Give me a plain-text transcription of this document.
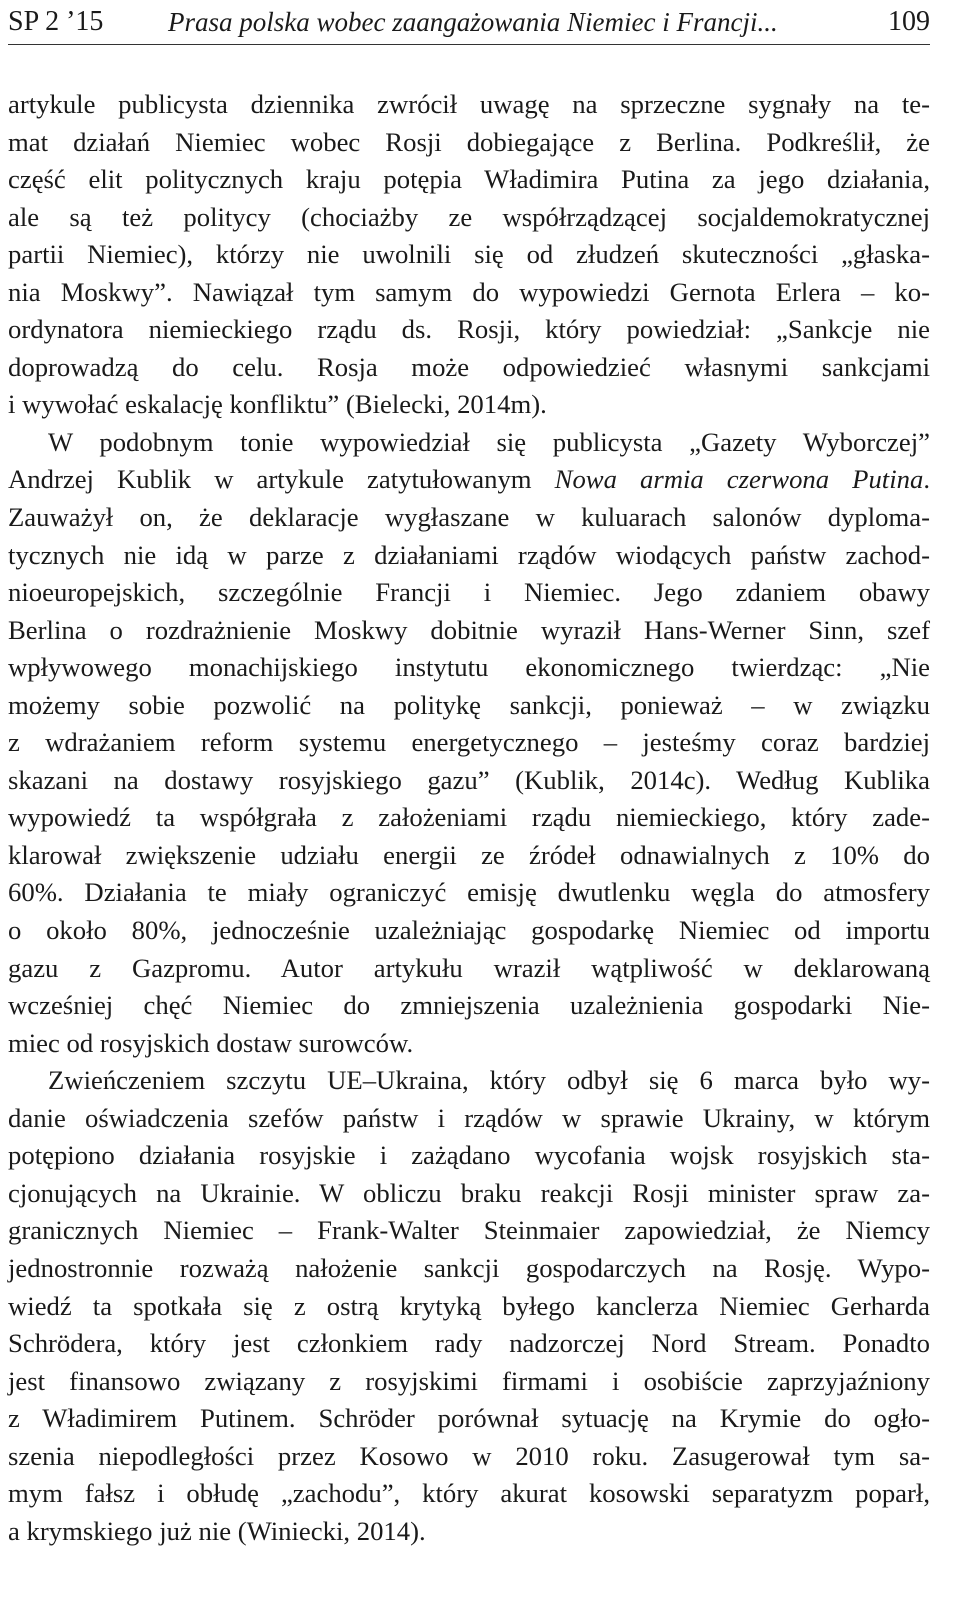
SP 2 ’15 Prasa polska wobec zaangażowania Niemiec i Francji...	109
artykule publicysta dziennika zwrócił uwagę na sprzeczne sygnały na te-
mat działań Niemiec wobec Rosji dobiegające z Berlina. Podkreślił, że
część elit politycznych kraju potępia Władimira Putina za jego działania,
ale są też politycy (chociażby ze współrządzącej socjaldemokratycznej
partii Niemiec), którzy nie uwolnili się od złudzeń skuteczności „głaska-
nia Moskwy”. Nawiązał tym samym do wypowiedzi Gernota Erlera – ko-
ordynatora niemieckiego rządu ds. Rosji, który powiedział: „Sankcje nie
doprowadzą do celu. Rosja może odpowiedzieć własnymi sankcjami
i wywołać eskalację konfliktu” (Bielecki, 2014m).
W podobnym tonie wypowiedział się publicysta „Gazety Wyborczej”
Andrzej Kublik w artykule zatytułowanym Nowa armia czerwona Putina.
Zauważył on, że deklaracje wygłaszane w kuluarach salonów dyploma-
tycznych nie idą w parze z działaniami rządów wiodących państw zachod-
nioeuropejskich, szczególnie Francji i Niemiec. Jego zdaniem obawy
Berlina o rozdrażnienie Moskwy dobitnie wyraził Hans-Werner Sinn, szef
wpływowego monachijskiego instytutu ekonomicznego twierdząc: „Nie
możemy sobie pozwolić na politykę sankcji, ponieważ – w związku
z wdrażaniem reform systemu energetycznego – jesteśmy coraz bardziej
skazani na dostawy rosyjskiego gazu” (Kublik, 2014c). Według Kublika
wypowiedź ta współgrała z założeniami rządu niemieckiego, który zade-
klarował zwiększenie udziału energii ze źródeł odnawialnych z 10% do
60%. Działania te miały ograniczyć emisję dwutlenku węgla do atmosfery
o około 80%, jednocześnie uzależniając gospodarkę Niemiec od importu
gazu z Gazpromu. Autor artykułu wraził wątpliwość w deklarowaną
wcześniej chęć Niemiec do zmniejszenia uzależnienia gospodarki Nie-
miec od rosyjskich dostaw surowców.
Zwieńczeniem szczytu UE–Ukraina, który odbył się 6 marca było wy-
danie oświadczenia szefów państw i rządów w sprawie Ukrainy, w którym
potępiono działania rosyjskie i zażądano wycofania wojsk rosyjskich sta-
cjonujących na Ukrainie. W obliczu braku reakcji Rosji minister spraw za-
granicznych Niemiec – Frank-Walter Steinmaier zapowiedział, że Niemcy
jednostronnie rozważą nałożenie sankcji gospodarczych na Rosję. Wypo-
wiedź ta spotkała się z ostrą krytyką byłego kanclerza Niemiec Gerharda
Schrödera, który jest członkiem rady nadzorczej Nord Stream. Ponadto
jest finansowo związany z rosyjskimi firmami i osobiście zaprzyjaźniony
z Władimirem Putinem. Schröder porównał sytuację na Krymie do ogło-
szenia niepodległości przez Kosowo w 2010 roku. Zasugerował tym sa-
mym fałsz i obłudę „zachodu”, który akurat kosowski separatyzm poparł,
a krymskiego już nie (Winiecki, 2014).
